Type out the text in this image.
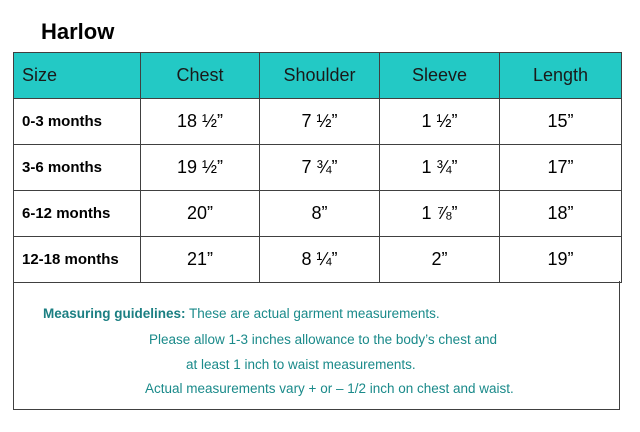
Harlow
Size	Chest	Shoulder	Sleeve	Length
0-3 months	18 ½”	7 ½”	1 ½”	15”
3-6 months	19 ½”	7 ¾”	1 ¾”	17”
6-12 months	20”	8”	1 ⅞”	18”
12-18 months	21”	8 ¼”	2”	19”
Measuring guidelines: These are actual garment measurements.
Please allow 1-3 inches allowance to the body’s chest and
at least 1 inch to waist measurements.
Actual measurements vary + or – 1/2 inch on chest and waist.
